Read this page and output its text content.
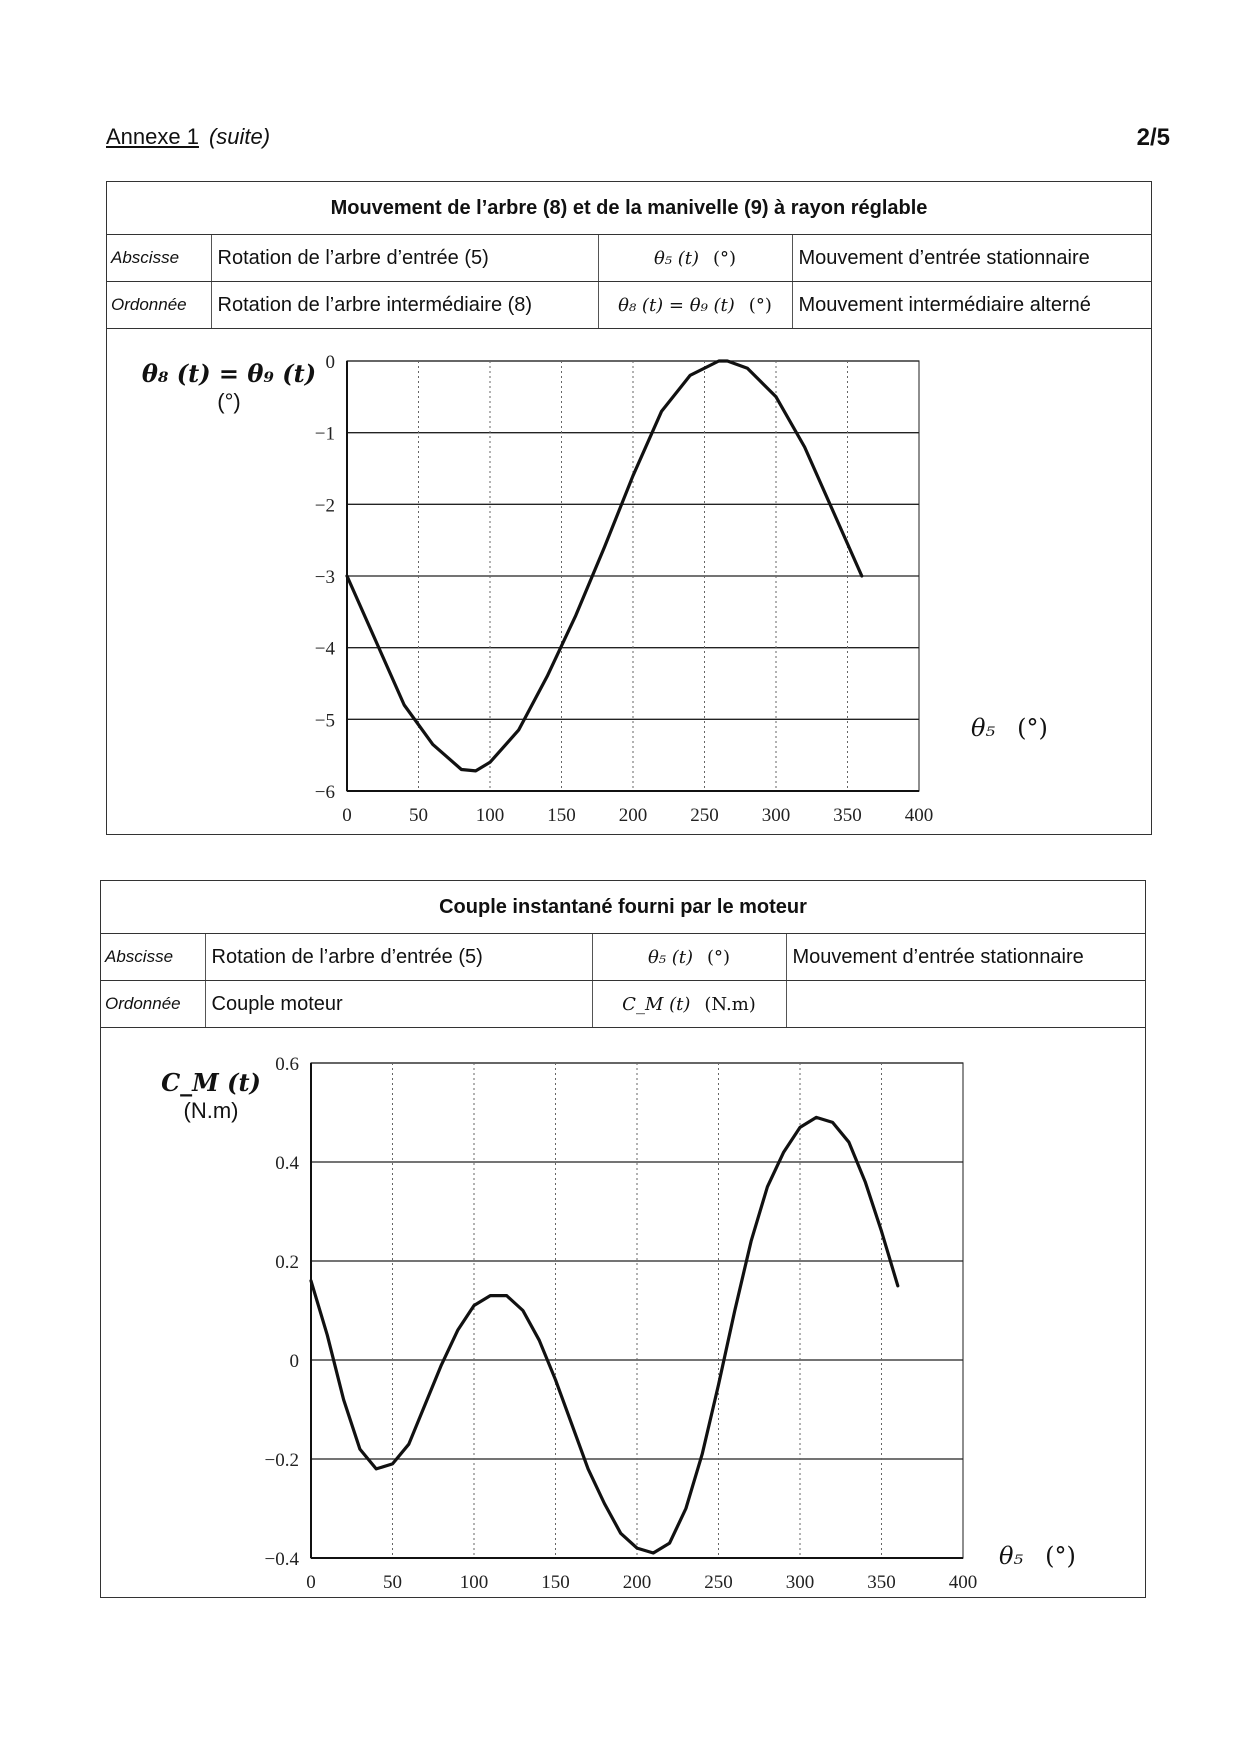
Annexe 1 (suite)	2/5
Mouvement de l’arbre (8) et de la manivelle (9) à rayon réglable
Abscisse	Rotation de l’arbre d’entrée (5)	θ₅ (t) (°)	Mouvement d’entrée stationnaire
Ordonnée	Rotation de l’arbre intermédiaire (8)	θ₈ (t) = θ₉ (t) (°)	Mouvement intermédiaire alterné
θ₈ (t) = θ₉ (t)
(°)
0
−1
−2
−3
−4
−5
−6
0	50	100 150 200 250 300 350 400
θ₅ (°)
Couple instantané fourni par le moteur
Abscisse	Rotation de l’arbre d’entrée (5)	θ₅ (t) (°)	Mouvement d’entrée stationnaire
Ordonnée	Couple moteur	C_M (t) (N.m)	
C_M (t)
(N.m)
0.6
0.4
0.2
0
−0.2
−0.4
0	50	100	150	200	250	300	350	400
θ₅ (°)
